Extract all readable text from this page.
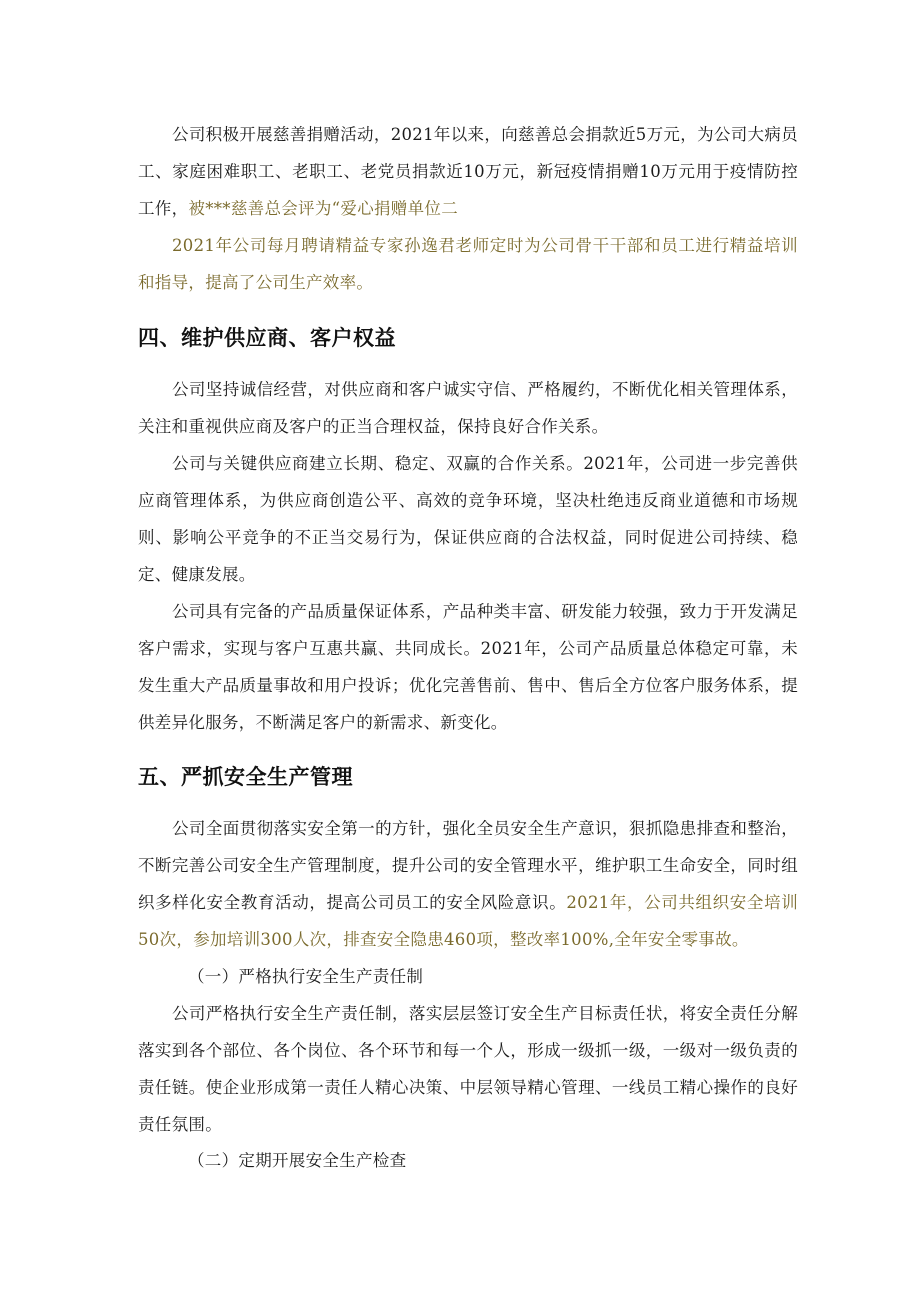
公司积极开展慈善捐赠活动，2021年以来，向慈善总会捐款近5万元，为公司大病员工、家庭困难职工、老职工、老党员捐款近10万元，新冠疫情捐赠10万元用于疫情防控工作，被***慈善总会评为“爱心捐赠单位二

2021年公司每月聘请精益专家孙逸君老师定时为公司骨干干部和员工进行精益培训和指导，提高了公司生产效率。

四、维护供应商、客户权益

公司坚持诚信经营，对供应商和客户诚实守信、严格履约，不断优化相关管理体系，关注和重视供应商及客户的正当合理权益，保持良好合作关系。

公司与关键供应商建立长期、稳定、双赢的合作关系。2021年，公司进一步完善供应商管理体系，为供应商创造公平、高效的竞争环境，坚决杜绝违反商业道德和市场规则、影响公平竞争的不正当交易行为，保证供应商的合法权益，同时促进公司持续、稳定、健康发展。

公司具有完备的产品质量保证体系，产品种类丰富、研发能力较强，致力于开发满足客户需求，实现与客户互惠共赢、共同成长。2021年，公司产品质量总体稳定可靠，未发生重大产品质量事故和用户投诉；优化完善售前、售中、售后全方位客户服务体系，提供差异化服务，不断满足客户的新需求、新变化。

五、严抓安全生产管理

公司全面贯彻落实安全第一的方针，强化全员安全生产意识，狠抓隐患排查和整治，不断完善公司安全生产管理制度，提升公司的安全管理水平，维护职工生命安全，同时组织多样化安全教育活动，提高公司员工的安全风险意识。2021年，公司共组织安全培训50次，参加培训300人次，排查安全隐患460项，整改率100%,全年安全零事故。

（一）严格执行安全生产责任制

公司严格执行安全生产责任制，落实层层签订安全生产目标责任状，将安全责任分解落实到各个部位、各个岗位、各个环节和每一个人，形成一级抓一级，一级对一级负责的责任链。使企业形成第一责任人精心决策、中层领导精心管理、一线员工精心操作的良好责任氛围。

（二）定期开展安全生产检查
